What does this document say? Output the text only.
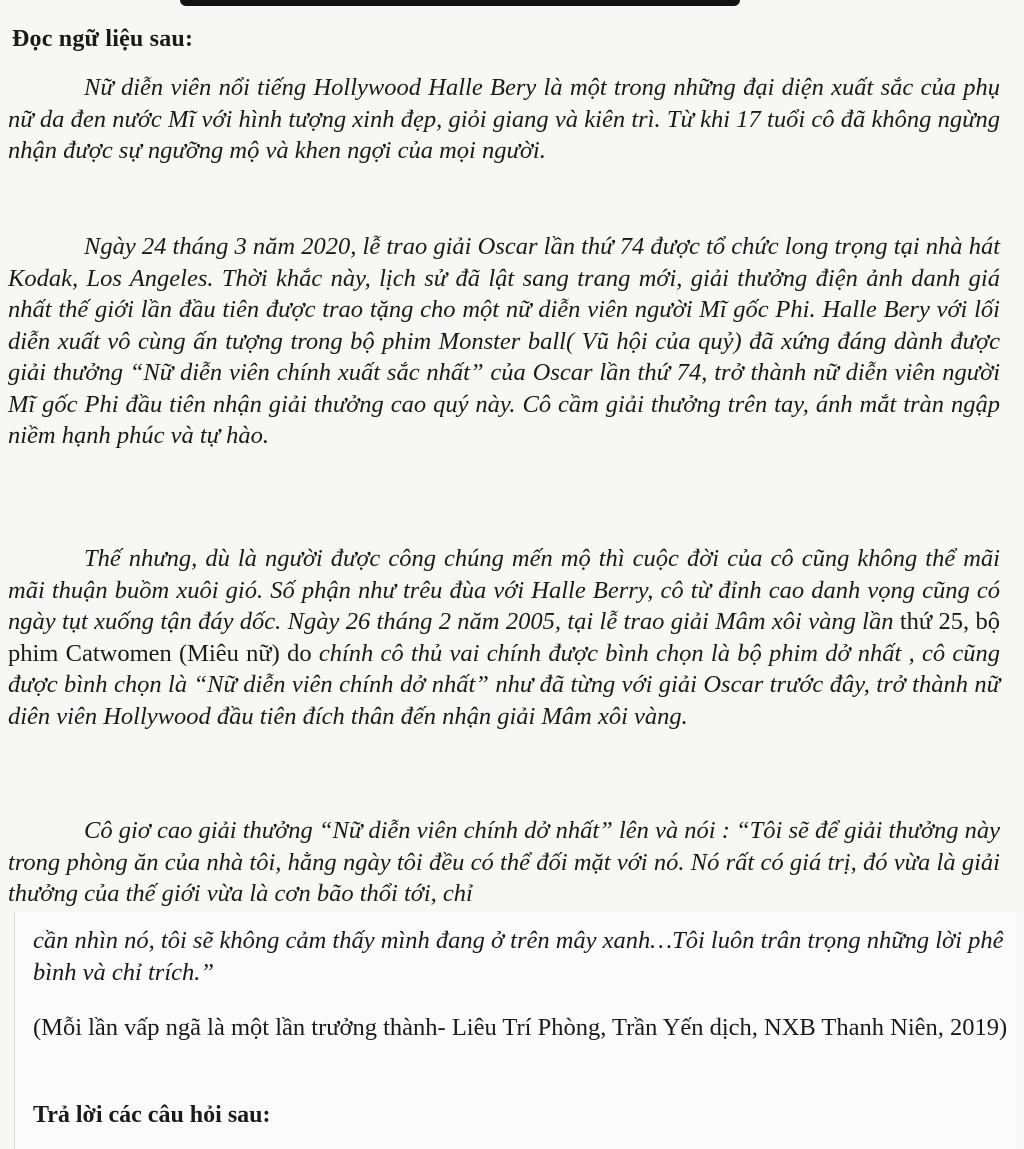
Đọc ngữ liệu sau:

Nữ diễn viên nổi tiếng Hollywood Halle Bery là một trong những đại diện xuất sắc của phụ nữ da đen nước Mĩ với hình tượng xinh đẹp, giỏi giang và kiên trì. Từ khi 17 tuổi cô đã không ngừng nhận được sự ngưỡng mộ và khen ngợi của mọi người.

Ngày 24 tháng 3 năm 2020, lễ trao giải Oscar lần thứ 74 được tổ chức long trọng tại nhà hát Kodak, Los Angeles. Thời khắc này, lịch sử đã lật sang trang mới, giải thưởng điện ảnh danh giá nhất thế giới lần đầu tiên được trao tặng cho một nữ diễn viên người Mĩ gốc Phi. Halle Bery với lối diễn xuất vô cùng ấn tượng trong bộ phim Monster ball( Vũ hội của quỷ) đã xứng đáng dành được giải thưởng “Nữ diễn viên chính xuất sắc nhất” của Oscar lần thứ 74, trở thành nữ diễn viên người Mĩ gốc Phi đầu tiên nhận giải thưởng cao quý này. Cô cầm giải thưởng trên tay, ánh mắt tràn ngập niềm hạnh phúc và tự hào.

Thế nhưng, dù là người được công chúng mến mộ thì cuộc đời của cô cũng không thể mãi mãi thuận buồm xuôi gió. Số phận như trêu đùa với Halle Berry, cô từ đỉnh cao danh vọng cũng có ngày tụt xuống tận đáy dốc. Ngày 26 tháng 2 năm 2005, tại lễ trao giải Mâm xôi vàng lần thứ 25, bộ phim Catwomen (Miêu nữ) do chính cô thủ vai chính được bình chọn là bộ phim dở nhất , cô cũng được bình chọn là “Nữ diễn viên chính dở nhất” như đã từng với giải Oscar trước đây, trở thành nữ diên viên Hollywood đầu tiên đích thân đến nhận giải Mâm xôi vàng.

Cô giơ cao giải thưởng “Nữ diễn viên chính dở nhất” lên và nói : “Tôi sẽ để giải thưởng này trong phòng ăn của nhà tôi, hằng ngày tôi đều có thể đối mặt với nó. Nó rất có giá trị, đó vừa là giải thưởng của thế giới vừa là cơn bão thổi tới, chỉ

cần nhìn nó, tôi sẽ không cảm thấy mình đang ở trên mây xanh…Tôi luôn trân trọng những lời phê bình và chỉ trích.”

(Mỗi lần vấp ngã là một lần trưởng thành- Liêu Trí Phòng, Trần Yến dịch, NXB Thanh Niên, 2019)

Trả lời các câu hỏi sau:
